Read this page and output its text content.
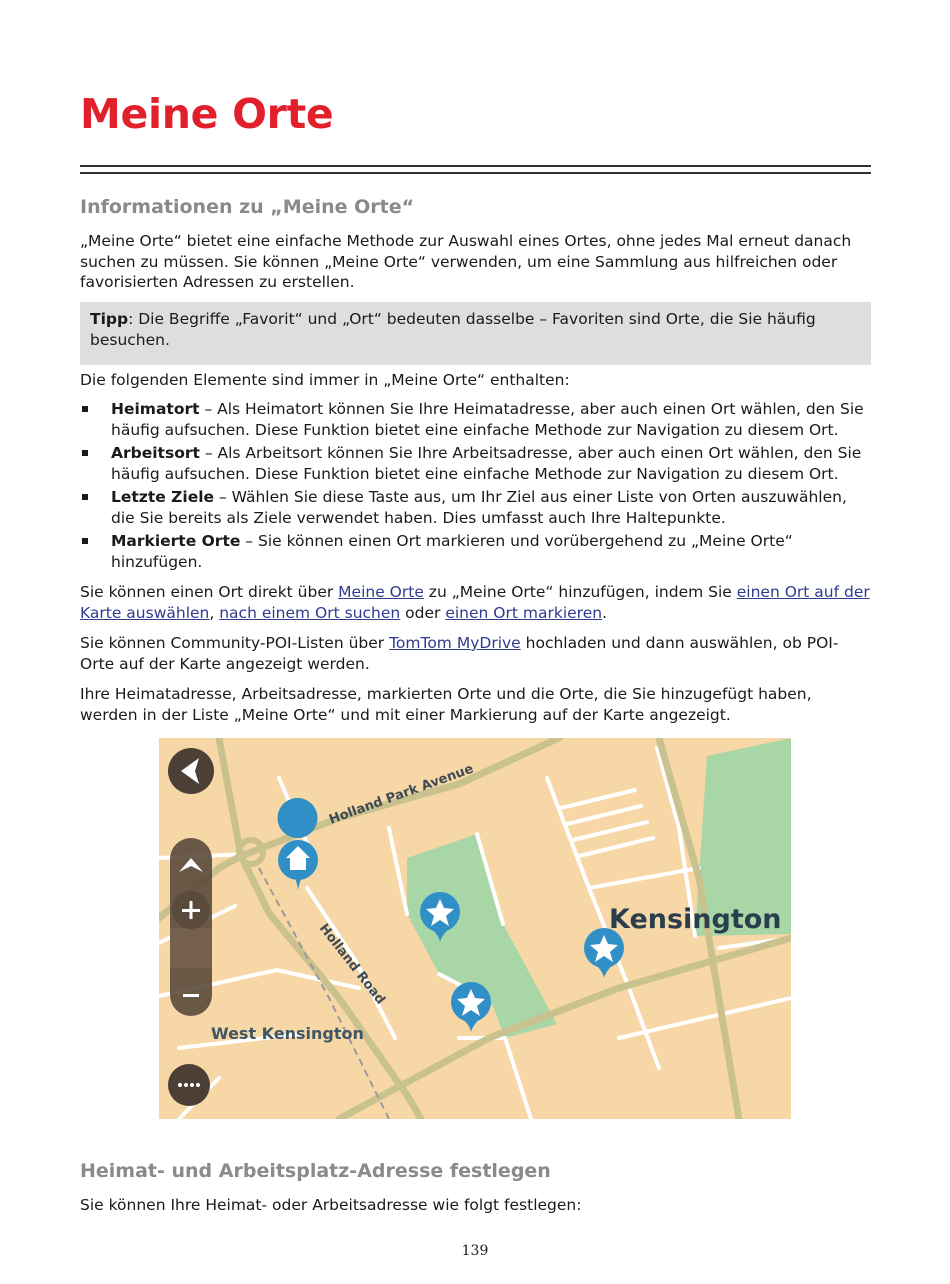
Meine Orte
Informationen zu „Meine Orte“

„Meine Orte“ bietet eine einfache Methode zur Auswahl eines Ortes, ohne jedes Mal erneut danach suchen zu müssen. Sie können „Meine Orte“ verwenden, um eine Sammlung aus hilfreichen oder favorisierten Adressen zu erstellen.

Tipp: Die Begriffe „Favorit“ und „Ort“ bedeuten dasselbe – Favoriten sind Orte, die Sie häufig besuchen.

Die folgenden Elemente sind immer in „Meine Orte“ enthalten:

Heimatort – Als Heimatort können Sie Ihre Heimatadresse, aber auch einen Ort wählen, den Sie häufig aufsuchen. Diese Funktion bietet eine einfache Methode zur Navigation zu diesem Ort.
Arbeitsort – Als Arbeitsort können Sie Ihre Arbeitsadresse, aber auch einen Ort wählen, den Sie häufig aufsuchen. Diese Funktion bietet eine einfache Methode zur Navigation zu diesem Ort.
Letzte Ziele – Wählen Sie diese Taste aus, um Ihr Ziel aus einer Liste von Orten auszuwählen, die Sie bereits als Ziele verwendet haben. Dies umfasst auch Ihre Haltepunkte.
Markierte Orte – Sie können einen Ort markieren und vorübergehend zu „Meine Orte“ hinzufügen.

Sie können einen Ort direkt über Meine Orte zu „Meine Orte“ hinzufügen, indem Sie einen Ort auf der Karte auswählen, nach einem Ort suchen oder einen Ort markieren.

Sie können Community-POI-Listen über TomTom MyDrive hochladen und dann auswählen, ob POI-Orte auf der Karte angezeigt werden.

Ihre Heimatadresse, Arbeitsadresse, markierten Orte und die Orte, die Sie hinzugefügt haben, werden in der Liste „Meine Orte“ und mit einer Markierung auf der Karte angezeigt.

Heimat- und Arbeitsplatz-Adresse festlegen

Sie können Ihre Heimat- oder Arbeitsadresse wie folgt festlegen:

Holland Park Avenue
Holland Road
Kensington
West Kensington
139
